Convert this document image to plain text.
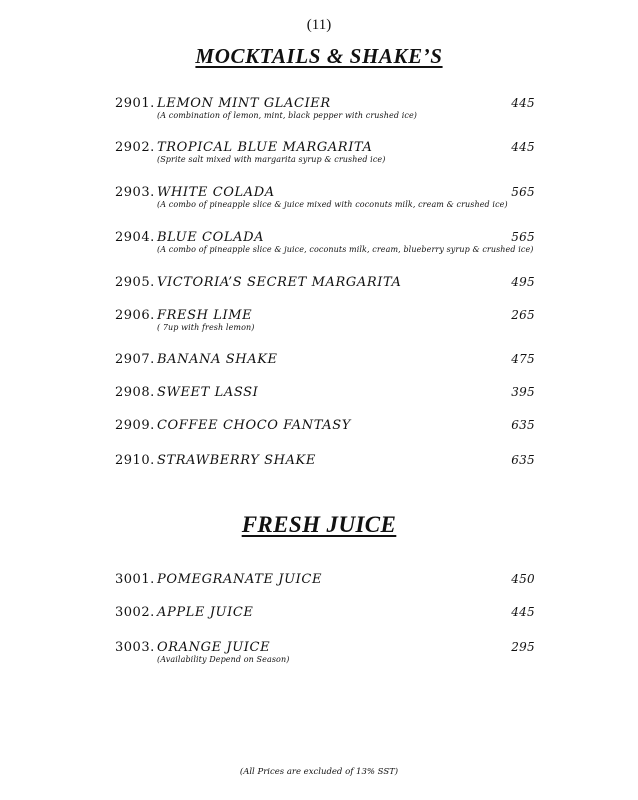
(11)
MOCKTAILS & SHAKE’S
2901. LEMON MINT GLACIER	445
(A combination of lemon, mint, black pepper with crushed ice)
2902. TROPICAL BLUE MARGARITA	445
(Sprite salt mixed with margarita syrup & crushed ice)
2903. WHITE COLADA	565
(A combo of pineapple slice & juice mixed with coconuts milk, cream & crushed ice)
2904. BLUE COLADA	565
(A combo of pineapple slice & juice, coconuts milk, cream, blueberry syrup & crushed ice)
2905. VICTORIA’S SECRET MARGARITA	495
2906. FRESH LIME	265
( 7up with fresh lemon)
2907. BANANA SHAKE	475
2908. SWEET LASSI	395
2909. COFFEE CHOCO FANTASY	635
2910. STRAWBERRY SHAKE	635
FRESH JUICE
3001. POMEGRANATE JUICE	450
3002. APPLE JUICE	445
3003. ORANGE JUICE	295
(Availability Depend on Season)
(All Prices are excluded of 13% SST)
